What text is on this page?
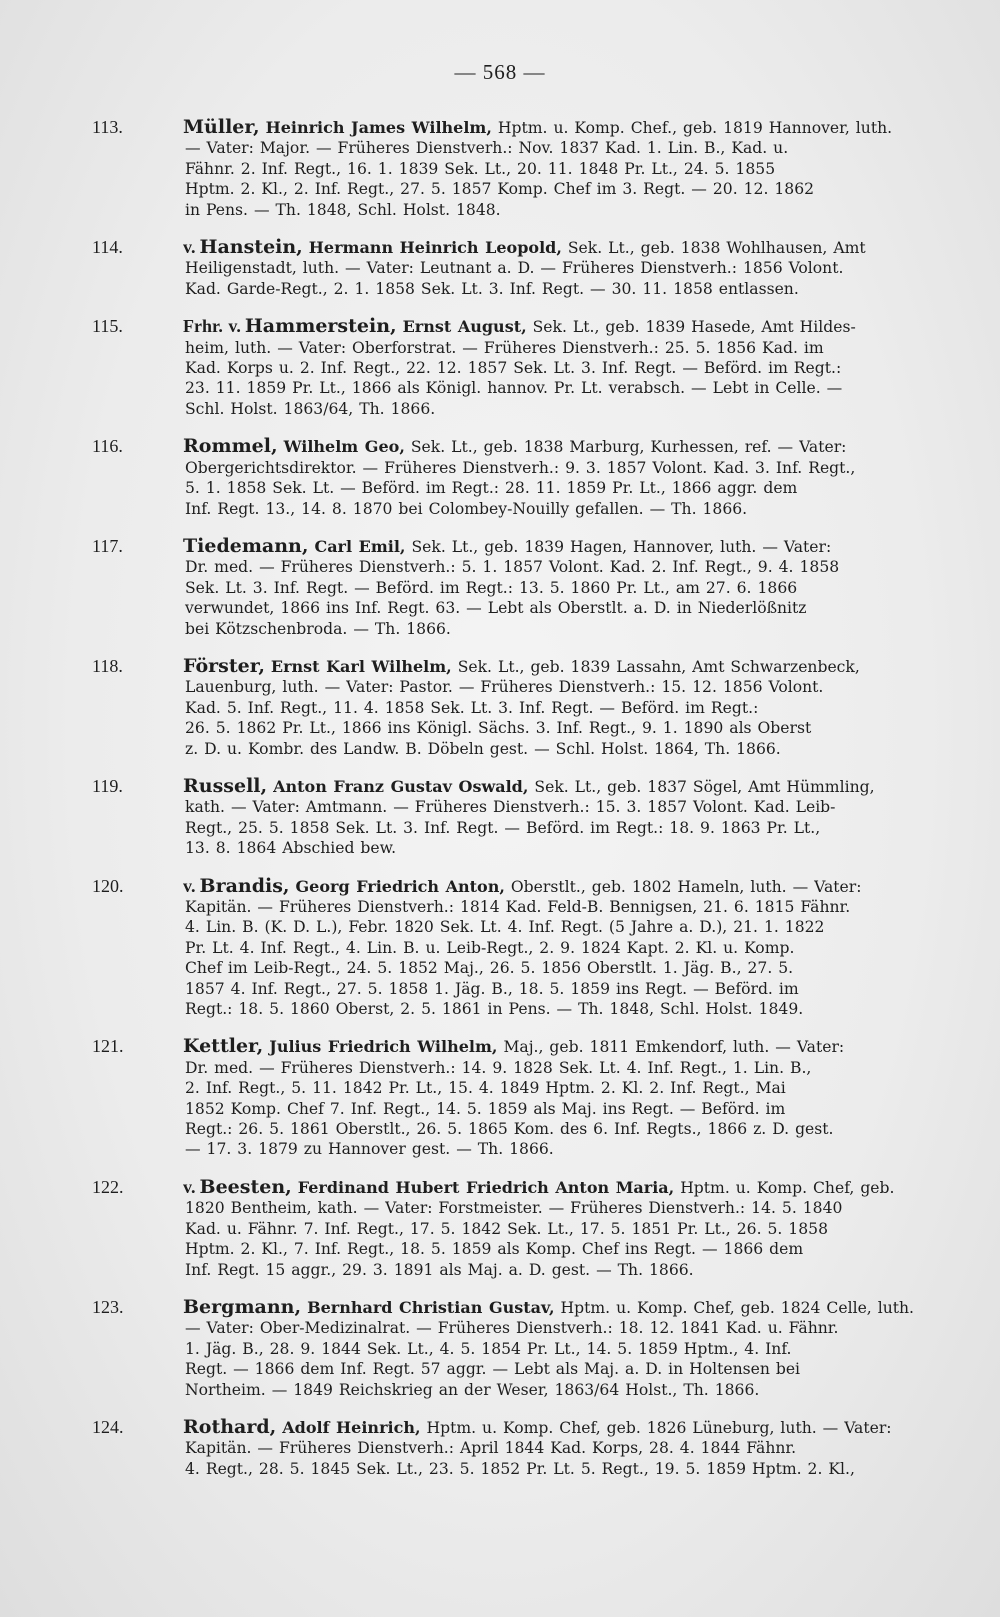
— 568 —
113.	Müller, Heinrich James Wilhelm, Hptm. u. Komp. Chef., geb. 1819 Hannover, luth.
— Vater: Major. — Früheres Dienstverh.: Nov. 1837 Kad. 1. Lin. B., Kad. u.
Fähnr. 2. Inf. Regt., 16. 1. 1839 Sek. Lt., 20. 11. 1848 Pr. Lt., 24. 5. 1855
Hptm. 2. Kl., 2. Inf. Regt., 27. 5. 1857 Komp. Chef im 3. Regt. — 20. 12. 1862
in Pens. — Th. 1848, Schl. Holst. 1848.
114.	v. Hanstein, Hermann Heinrich Leopold, Sek. Lt., geb. 1838 Wohlhausen, Amt
Heiligenstadt, luth. — Vater: Leutnant a. D. — Früheres Dienstverh.: 1856 Volont.
Kad. Garde-Regt., 2. 1. 1858 Sek. Lt. 3. Inf. Regt. — 30. 11. 1858 entlassen.
115.	Frhr. v. Hammerstein, Ernst August, Sek. Lt., geb. 1839 Hasede, Amt Hildes-
heim, luth. — Vater: Oberforstrat. — Früheres Dienstverh.: 25. 5. 1856 Kad. im
Kad. Korps u. 2. Inf. Regt., 22. 12. 1857 Sek. Lt. 3. Inf. Regt. — Beförd. im Regt.:
23. 11. 1859 Pr. Lt., 1866 als Königl. hannov. Pr. Lt. verabsch. — Lebt in Celle. —
Schl. Holst. 1863/64, Th. 1866.
116.	Rommel, Wilhelm Geo, Sek. Lt., geb. 1838 Marburg, Kurhessen, ref. — Vater:
Obergerichtsdirektor. — Früheres Dienstverh.: 9. 3. 1857 Volont. Kad. 3. Inf. Regt.,
5. 1. 1858 Sek. Lt. — Beförd. im Regt.: 28. 11. 1859 Pr. Lt., 1866 aggr. dem
Inf. Regt. 13., 14. 8. 1870 bei Colombey-Nouilly gefallen. — Th. 1866.
117.	Tiedemann, Carl Emil, Sek. Lt., geb. 1839 Hagen, Hannover, luth. — Vater:
Dr. med. — Früheres Dienstverh.: 5. 1. 1857 Volont. Kad. 2. Inf. Regt., 9. 4. 1858
Sek. Lt. 3. Inf. Regt. — Beförd. im Regt.: 13. 5. 1860 Pr. Lt., am 27. 6. 1866
verwundet, 1866 ins Inf. Regt. 63. — Lebt als Oberstlt. a. D. in Niederlößnitz
bei Kötzschenbroda. — Th. 1866.
118.	Förster, Ernst Karl Wilhelm, Sek. Lt., geb. 1839 Lassahn, Amt Schwarzenbeck,
Lauenburg, luth. — Vater: Pastor. — Früheres Dienstverh.: 15. 12. 1856 Volont.
Kad. 5. Inf. Regt., 11. 4. 1858 Sek. Lt. 3. Inf. Regt. — Beförd. im Regt.:
26. 5. 1862 Pr. Lt., 1866 ins Königl. Sächs. 3. Inf. Regt., 9. 1. 1890 als Oberst
z. D. u. Kombr. des Landw. B. Döbeln gest. — Schl. Holst. 1864, Th. 1866.
119.	Russell, Anton Franz Gustav Oswald, Sek. Lt., geb. 1837 Sögel, Amt Hümmling,
kath. — Vater: Amtmann. — Früheres Dienstverh.: 15. 3. 1857 Volont. Kad. Leib-
Regt., 25. 5. 1858 Sek. Lt. 3. Inf. Regt. — Beförd. im Regt.: 18. 9. 1863 Pr. Lt.,
13. 8. 1864 Abschied bew.
120.	v. Brandis, Georg Friedrich Anton, Oberstlt., geb. 1802 Hameln, luth. — Vater:
Kapitän. — Früheres Dienstverh.: 1814 Kad. Feld-B. Bennigsen, 21. 6. 1815 Fähnr.
4. Lin. B. (K. D. L.), Febr. 1820 Sek. Lt. 4. Inf. Regt. (5 Jahre a. D.), 21. 1. 1822
Pr. Lt. 4. Inf. Regt., 4. Lin. B. u. Leib-Regt., 2. 9. 1824 Kapt. 2. Kl. u. Komp.
Chef im Leib-Regt., 24. 5. 1852 Maj., 26. 5. 1856 Oberstlt. 1. Jäg. B., 27. 5.
1857 4. Inf. Regt., 27. 5. 1858 1. Jäg. B., 18. 5. 1859 ins Regt. — Beförd. im
Regt.: 18. 5. 1860 Oberst, 2. 5. 1861 in Pens. — Th. 1848, Schl. Holst. 1849.
121.	Kettler, Julius Friedrich Wilhelm, Maj., geb. 1811 Emkendorf, luth. — Vater:
Dr. med. — Früheres Dienstverh.: 14. 9. 1828 Sek. Lt. 4. Inf. Regt., 1. Lin. B.,
2. Inf. Regt., 5. 11. 1842 Pr. Lt., 15. 4. 1849 Hptm. 2. Kl. 2. Inf. Regt., Mai
1852 Komp. Chef 7. Inf. Regt., 14. 5. 1859 als Maj. ins Regt. — Beförd. im
Regt.: 26. 5. 1861 Oberstlt., 26. 5. 1865 Kom. des 6. Inf. Regts., 1866 z. D. gest.
— 17. 3. 1879 zu Hannover gest. — Th. 1866.
122.	v. Beesten, Ferdinand Hubert Friedrich Anton Maria, Hptm. u. Komp. Chef, geb.
1820 Bentheim, kath. — Vater: Forstmeister. — Früheres Dienstverh.: 14. 5. 1840
Kad. u. Fähnr. 7. Inf. Regt., 17. 5. 1842 Sek. Lt., 17. 5. 1851 Pr. Lt., 26. 5. 1858
Hptm. 2. Kl., 7. Inf. Regt., 18. 5. 1859 als Komp. Chef ins Regt. — 1866 dem
Inf. Regt. 15 aggr., 29. 3. 1891 als Maj. a. D. gest. — Th. 1866.
123.	Bergmann, Bernhard Christian Gustav, Hptm. u. Komp. Chef, geb. 1824 Celle, luth.
— Vater: Ober-Medizinalrat. — Früheres Dienstverh.: 18. 12. 1841 Kad. u. Fähnr.
1. Jäg. B., 28. 9. 1844 Sek. Lt., 4. 5. 1854 Pr. Lt., 14. 5. 1859 Hptm., 4. Inf.
Regt. — 1866 dem Inf. Regt. 57 aggr. — Lebt als Maj. a. D. in Holtensen bei
Northeim. — 1849 Reichskrieg an der Weser, 1863/64 Holst., Th. 1866.
124.	Rothard, Adolf Heinrich, Hptm. u. Komp. Chef, geb. 1826 Lüneburg, luth. — Vater:
Kapitän. — Früheres Dienstverh.: April 1844 Kad. Korps, 28. 4. 1844 Fähnr.
4. Regt., 28. 5. 1845 Sek. Lt., 23. 5. 1852 Pr. Lt. 5. Regt., 19. 5. 1859 Hptm. 2. Kl.,
